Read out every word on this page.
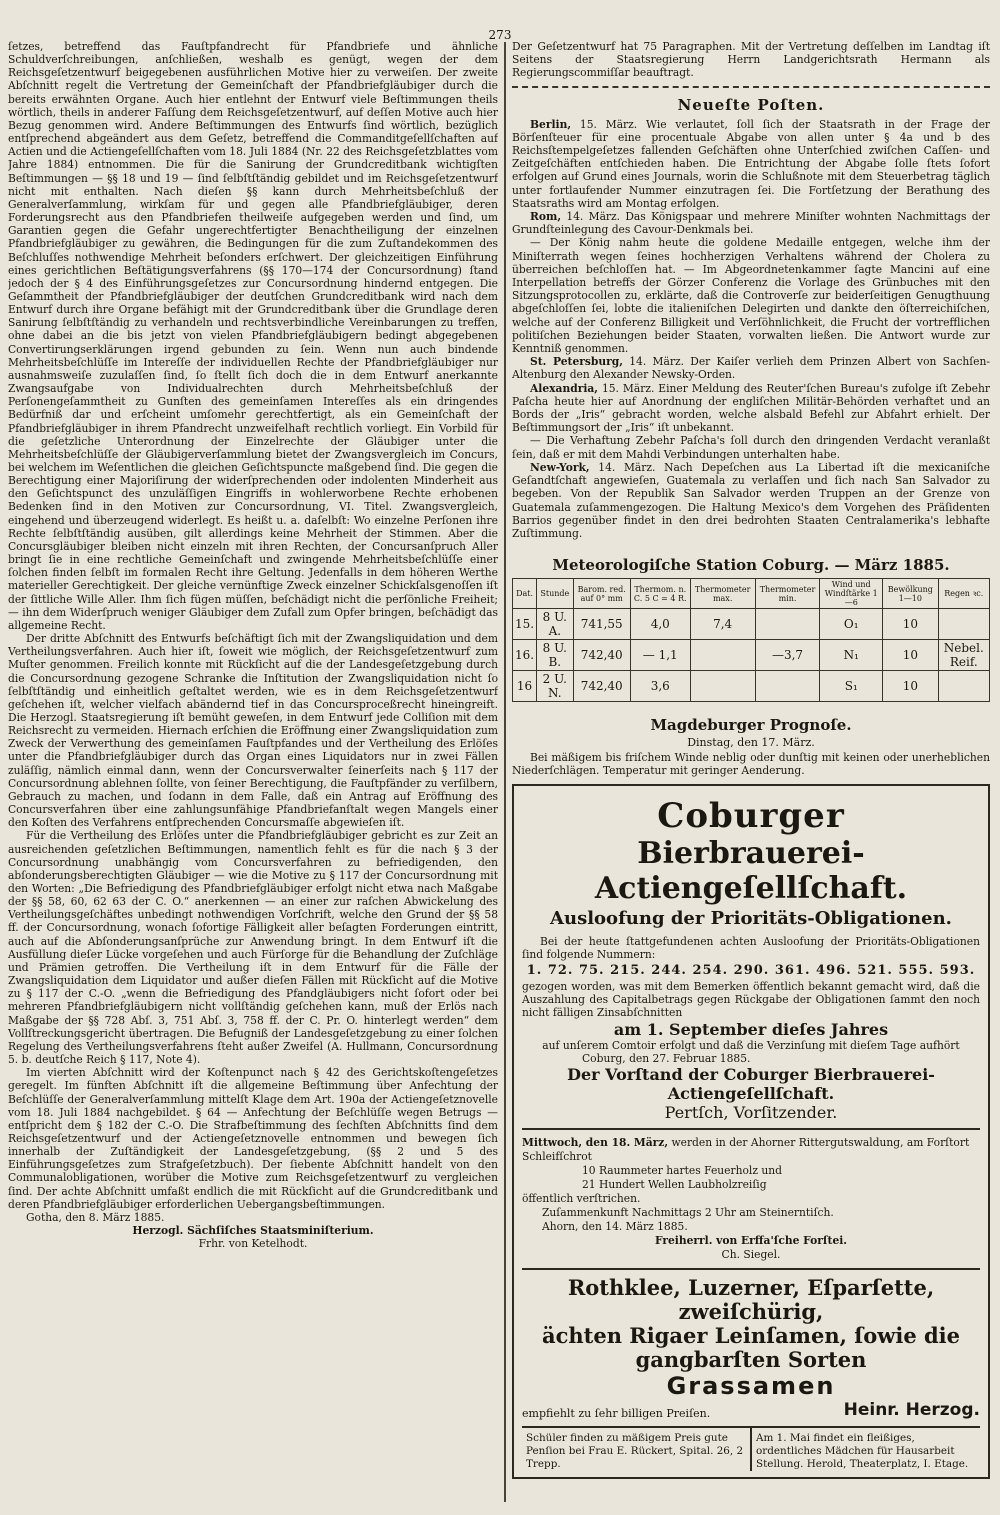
273

ſetzes, betreffend das Fauſtpfandrecht für Pfandbriefe und ähnliche Schuldverſchreibungen, anſchließen, weshalb es genügt, wegen der dem Reichsgeſetzentwurf beigegebenen ausführlichen Motive hier zu verweiſen. Der zweite Abſchnitt regelt die Vertretung der Gemeinſchaft der Pfandbriefgläubiger durch die bereits erwähnten Organe. Auch hier entlehnt der Entwurf viele Beſtimmungen theils wörtlich, theils in anderer Faſſung dem Reichsgeſetzentwurf, auf deſſen Motive auch hier Bezug genommen wird. Andere Beſtimmungen des Entwurfs ſind wörtlich, bezüglich entſprechend abgeändert aus dem Geſetz, betreffend die Commanditgeſellſchaften auf Actien und die Actiengeſellſchaften vom 18. Juli 1884 (Nr. 22 des Reichsgeſetzblattes vom Jahre 1884) entnommen. Die für die Sanirung der Grundcreditbank wichtigſten Beſtimmungen — §§ 18 und 19 — ſind ſelbſtſtändig gebildet und im Reichsgeſetzentwurf nicht mit enthalten. Nach dieſen §§ kann durch Mehrheitsbeſchluß der Generalverſammlung, wirkſam für und gegen alle Pfandbriefgläubiger, deren Forderungsrecht aus den Pfandbriefen theilweiſe aufgegeben werden und ſind, um Garantien gegen die Gefahr ungerechtfertigter Benachtheiligung der einzelnen Pfandbriefgläubiger zu gewähren, die Bedingungen für die zum Zuſtandekommen des Beſchluſſes nothwendige Mehrheit beſonders erſchwert. Der gleichzeitigen Einführung eines gerichtlichen Beſtätigungsverfahrens (§§ 170—174 der Concursordnung) ſtand jedoch der § 4 des Einführungsgeſetzes zur Concursordnung hindernd entgegen. Die Geſammtheit der Pfandbriefgläubiger der deutſchen Grundcreditbank wird nach dem Entwurf durch ihre Organe befähigt mit der Grundcreditbank über die Grundlage deren Sanirung ſelbſtſtändig zu verhandeln und rechtsverbindliche Vereinbarungen zu treffen, ohne dabei an die bis jetzt von vielen Pfandbriefgläubigern bedingt abgegebenen Convertirungserklärungen irgend gebunden zu ſein. Wenn nun auch bindende Mehrheitsbeſchlüſſe im Intereſſe der individuellen Rechte der Pfandbriefgläubiger nur ausnahmsweiſe zuzulaſſen ſind, ſo ſtellt ſich doch die in dem Entwurf anerkannte Zwangsaufgabe von Individualrechten durch Mehrheitsbeſchluß der Perſonengeſammtheit zu Gunſten des gemeinſamen Intereſſes als ein dringendes Bedürfniß dar und erſcheint umſomehr gerechtfertigt, als ein Gemeinſchaft der Pfandbriefgläubiger in ihrem Pfandrecht unzweifelhaft rechtlich vorliegt. Ein Vorbild für die geſetzliche Unterordnung der Einzelrechte der Gläubiger unter die Mehrheitsbeſchlüſſe der Gläubigerverſammlung bietet der Zwangsvergleich im Concurs, bei welchem im Weſentlichen die gleichen Geſichtspuncte maßgebend ſind. Die gegen die Berechtigung einer Majoriſirung der widerſprechenden oder indolenten Minderheit aus den Geſichtspunct des unzuläſſigen Eingriffs in wohlerworbene Rechte erhobenen Bedenken ſind in den Motiven zur Concursordnung, VI. Titel. Zwangsvergleich, eingehend und überzeugend widerlegt. Es heißt u. a. daſelbſt: Wo einzelne Perſonen ihre Rechte ſelbſtſtändig ausüben, gilt allerdings keine Mehrheit der Stimmen. Aber die Concursgläubiger bleiben nicht einzeln mit ihren Rechten, der Concursanſpruch Aller bringt ſie in eine rechtliche Gemeinſchaft und zwingende Mehrheitsbeſchlüſſe einer ſolchen finden ſelbſt im formalen Recht ihre Geltung. Jedenfalls in dem höheren Werthe materieller Gerechtigkeit. Der gleiche vernünftige Zweck einzelner Schickſalsgenoſſen iſt der ſittliche Wille Aller. Ihm ſich fügen müſſen, beſchädigt nicht die perſönliche Freiheit; — ihn dem Widerſpruch weniger Gläubiger dem Zufall zum Opfer bringen, beſchädigt das allgemeine Recht.

Der dritte Abſchnitt des Entwurfs beſchäftigt ſich mit der Zwangsliquidation und dem Vertheilungsverfahren. Auch hier iſt, ſoweit wie möglich, der Reichsgeſetzentwurf zum Muſter genommen. Freilich konnte mit Rückſicht auf die der Landesgeſetzgebung durch die Concursordnung gezogene Schranke die Inſtitution der Zwangsliquidation nicht ſo ſelbſtſtändig und einheitlich geſtaltet werden, wie es in dem Reichsgeſetzentwurf geſchehen iſt, welcher vielfach abändernd tief in das Concursproceßrecht hineingreift. Die Herzogl. Staatsregierung iſt bemüht geweſen, in dem Entwurf jede Colliſion mit dem Reichsrecht zu vermeiden. Hiernach erſchien die Eröffnung einer Zwangsliquidation zum Zweck der Verwerthung des gemeinſamen Fauſtpfandes und der Vertheilung des Erlöſes unter die Pfandbriefgläubiger durch das Organ eines Liquidators nur in zwei Fällen zuläſſig, nämlich einmal dann, wenn der Concursverwalter ſeinerſeits nach § 117 der Concursordnung ablehnen ſollte, von ſeiner Berechtigung, die Fauſtpfänder zu verſilbern, Gebrauch zu machen, und ſodann in dem Falle, daß ein Antrag auf Eröffnung des Concursverfahren über eine zahlungsunfähige Pfandbriefanſtalt wegen Mangels einer den Koſten des Verfahrens entſprechenden Concursmaſſe abgewieſen iſt.

Für die Vertheilung des Erlöſes unter die Pfandbriefgläubiger gebricht es zur Zeit an ausreichenden geſetzlichen Beſtimmungen, namentlich fehlt es für die nach § 3 der Concursordnung unabhängig vom Concursverfahren zu befriedigenden, den abſonderungsberechtigten Gläubiger — wie die Motive zu § 117 der Concursordnung mit den Worten: „Die Befriedigung des Pfandbriefgläubiger erfolgt nicht etwa nach Maßgabe der §§ 58, 60, 62 63 der C. O.“ anerkennen — an einer zur raſchen Abwickelung des Vertheilungsgeſchäftes unbedingt nothwendigen Vorſchrift, welche den Grund der §§ 58 ff. der Concursordnung, wonach ſofortige Fälligkeit aller beſagten Forderungen eintritt, auch auf die Abſonderungsanſprüche zur Anwendung bringt. In dem Entwurf iſt die Ausfüllung dieſer Lücke vorgeſehen und auch Fürſorge für die Behandlung der Zuſchläge und Prämien getroffen. Die Vertheilung iſt in dem Entwurf für die Fälle der Zwangsliquidation dem Liquidator und außer dieſen Fällen mit Rückſicht auf die Motive zu § 117 der C.-O. „wenn die Befriedigung des Pfandgläubigers nicht ſofort oder bei mehreren Pfandbriefgläubigern nicht vollſtändig geſchehen kann, muß der Erlös nach Maßgabe der §§ 728 Abſ. 3, 751 Abſ. 3, 758 ff. der C. Pr. O. hinterlegt werden“ dem Vollſtreckungsgericht übertragen. Die Befugniß der Landesgeſetzgebung zu einer ſolchen Regelung des Vertheilungsverfahrens ſteht außer Zweifel (A. Hullmann, Concursordnung 5. b. deutſche Reich § 117, Note 4).

Im vierten Abſchnitt wird der Koſtenpunct nach § 42 des Gerichtskoſtengeſetzes geregelt. Im fünften Abſchnitt iſt die allgemeine Beſtimmung über Anfechtung der Beſchlüſſe der Generalverſammlung mittelſt Klage dem Art. 190a der Actiengeſetznovelle vom 18. Juli 1884 nachgebildet. § 64 — Anfechtung der Beſchlüſſe wegen Betrugs — entſpricht dem § 182 der C.-O. Die Strafbeſtimmung des ſechſten Abſchnitts ſind dem Reichsgeſetzentwurf und der Actiengeſetznovelle entnommen und bewegen ſich innerhalb der Zuſtändigkeit der Landesgeſetzgebung, (§§ 2 und 5 des Einführungsgeſetzes zum Strafgeſetzbuch). Der ſiebente Abſchnitt handelt von den Communalobligationen, worüber die Motive zum Reichsgeſetzentwurf zu vergleichen ſind. Der achte Abſchnitt umfaßt endlich die mit Rückſicht auf die Grundcreditbank und deren Pfandbriefgläubiger erforderlichen Uebergangsbeſtimmungen.

Gotha, den 8. März 1885.
Herzogl. Sächſiſches Staatsminiſterium.
Frhr. von Ketelhodt.
Der Geſetzentwurf hat 75 Paragraphen. Mit der Vertretung deſſelben im Landtag iſt Seitens der Staatsregierung Herrn Landgerichtsrath Hermann als Regierungscommiſſar beauftragt.
Neueſte Poſten.

Berlin, 15. März. Wie verlautet, ſoll ſich der Staatsrath in der Frage der Börſenſteuer für eine procentuale Abgabe von allen unter § 4a und b des Reichsſtempelgeſetzes fallenden Geſchäften ohne Unterſchied zwiſchen Caſſen- und Zeitgeſchäften entſchieden haben. Die Entrichtung der Abgabe ſolle ſtets ſofort erfolgen auf Grund eines Journals, worin die Schlußnote mit dem Steuerbetrag täglich unter fortlaufender Nummer einzutragen ſei. Die Fortſetzung der Berathung des Staatsraths wird am Montag erfolgen.

Rom, 14. März. Das Königspaar und mehrere Miniſter wohnten Nachmittags der Grundſteinlegung des Cavour-Denkmals bei.

— Der König nahm heute die goldene Medaille entgegen, welche ihm der Miniſterrath wegen ſeines hochherzigen Verhaltens während der Cholera zu überreichen beſchloſſen hat. — Im Abgeordnetenkammer ſagte Mancini auf eine Interpellation betreffs der Görzer Conferenz die Vorlage des Grünbuches mit den Sitzungsprotocollen zu, erklärte, daß die Controverſe zur beiderſeitigen Genugthuung abgeſchloſſen ſei, lobte die italieniſchen Delegirten und dankte den öſterreichiſchen, welche auf der Conferenz Billigkeit und Verſöhnlichkeit, die Frucht der vortrefflichen politiſchen Beziehungen beider Staaten, vorwalten ließen. Die Antwort wurde zur Kenntniß genommen.

St. Petersburg, 14. März. Der Kaiſer verlieh dem Prinzen Albert von Sachſen-Altenburg den Alexander Newsky-Orden.

Alexandria, 15. März. Einer Meldung des Reuter'ſchen Bureau's zufolge iſt Zebehr Paſcha heute hier auf Anordnung der engliſchen Militär-Behörden verhaftet und an Bords der „Iris“ gebracht worden, welche alsbald Befehl zur Abfahrt erhielt. Der Beſtimmungsort der „Iris“ iſt unbekannt.

— Die Verhaftung Zebehr Paſcha's ſoll durch den dringenden Verdacht veranlaßt ſein, daß er mit dem Mahdi Verbindungen unterhalten habe.

New-York, 14. März. Nach Depeſchen aus La Libertad iſt die mexicaniſche Geſandtſchaft angewieſen, Guatemala zu verlaſſen und ſich nach San Salvador zu begeben. Von der Republik San Salvador werden Truppen an der Grenze von Guatemala zuſammengezogen. Die Haltung Mexico's dem Vorgehen des Präſidenten Barrios gegenüber findet in den drei bedrohten Staaten Centralamerika's lebhafte Zuſtimmung.

Meteorologiſche Station Coburg. — März 1885.
Dat.	Stunde	Barom. red. auf 0° mm	Thermom. n. C. 5 C = 4 R.	Thermometer max.	Thermometer min.	Wind und Windſtärke 1—6	Bewölkung 1—10	Regen ꝛc.
15.	8 U. A.	741,55	4,0	7,4		O₁	10	
16.	8 U. B.	742,40	— 1,1		—3,7	N₁	10	Nebel. Reif.
16	2 U. N.	742,40	3,6			S₁	10	
Magdeburger Prognoſe.
Dinstag, den 17. März.

Bei mäßigem bis friſchem Winde neblig oder dunſtig mit keinen oder unerheblichen Niederſchlägen. Temperatur mit geringer Aenderung.

Coburger
Bierbrauerei-Actiengeſellſchaft.
Ausloofung der Prioritäts-Obligationen.
Bei der heute ſtattgefundenen achten Ausloofung der Prioritäts-Obligationen ſind folgende Nummern:
1. 72. 75. 215. 244. 254. 290. 361. 496. 521. 555. 593.
gezogen worden, was mit dem Bemerken öffentlich bekannt gemacht wird, daß die Auszahlung des Capitalbetrags gegen Rückgabe der Obligationen ſammt den noch nicht fälligen Zinsabſchnitten
am 1. September dieſes Jahres
auf unſerem Comtoir erfolgt und daß die Verzinſung mit dieſem Tage aufhört
Coburg, den 27. Februar 1885.
Der Vorſtand der Coburger Bierbrauerei-Actiengeſellſchaft.
Pertſch, Vorſitzender.
Mittwoch, den 18. März, werden in der Ahorner Rittergutswaldung, am Forſtort Schleifſchrot
10 Raummeter hartes Feuerholz und
21 Hundert Wellen Laubholzreiſig
öffentlich verſtrichen.
Zuſammenkunft Nachmittags 2 Uhr am Steinerntiſch.
Ahorn, den 14. März 1885.
Freiherrl. von Erffa'ſche Forſtei.
Ch. Siegel.
Rothklee, Luzerner, Eſparſette, zweiſchürig,
ächten Rigaer Leinſamen, ſowie die gangbarſten Sorten
Grassamen
empfiehlt zu ſehr billigen Preiſen.	Heinr. Herzog.
Schüler finden zu mäßigem Preis gute Penſion bei Frau E. Rückert, Spital. 26, 2 Trepp.
Am 1. Mai findet ein fleißiges, ordentliches Mädchen für Hausarbeit Stellung. Herold, Theaterplatz, I. Etage.
